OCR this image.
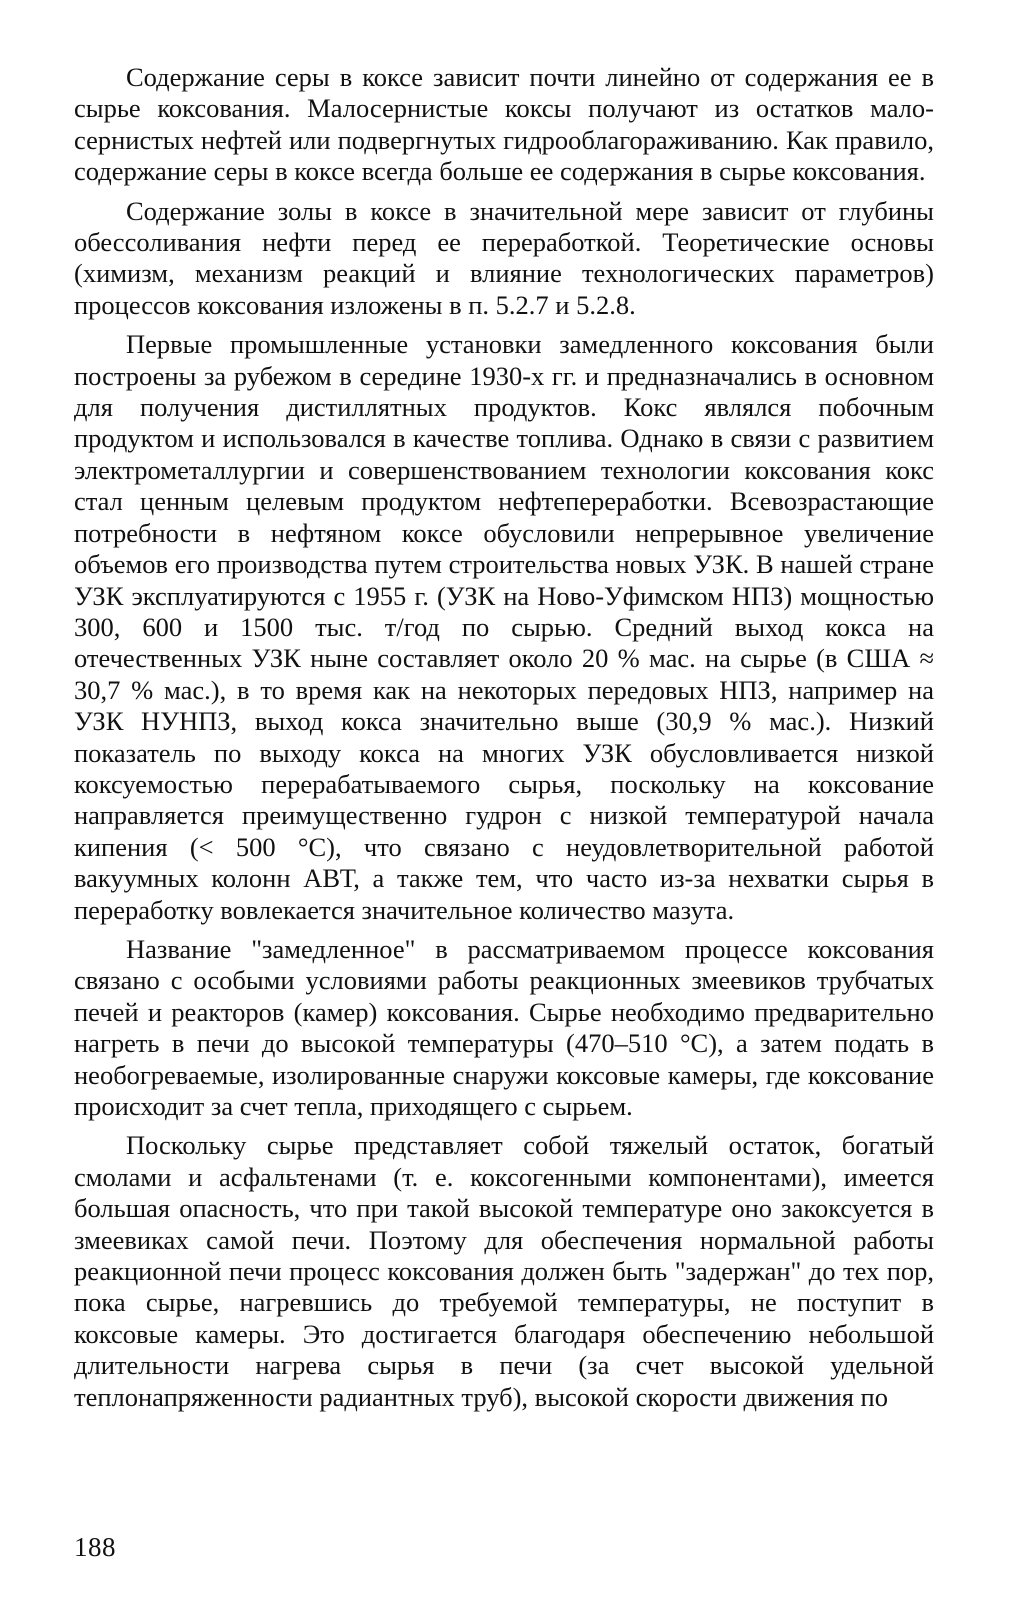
Содержание серы в коксе зависит почти линейно от содержания ее в сырье коксования. Малосернистые коксы получают из остатков малосернистых нефтей или подвергнутых гидрооблагораживанию. Как правило, содержание серы в коксе всегда больше ее содержания в сырье коксования.

Содержание золы в коксе в значительной мере зависит от глубины обессоливания нефти перед ее переработкой. Теоретические основы (химизм, механизм реакций и влияние технологических параметров) процессов коксования изложены в п. 5.2.7 и 5.2.8.

Первые промышленные установки замедленного коксования были построены за рубежом в середине 1930-х гг. и предназначались в основном для получения дистиллятных продуктов. Кокс являлся побочным продуктом и использовался в качестве топлива. Однако в связи с развитием электрометаллургии и совершенствованием технологии коксования кокс стал ценным целевым продуктом нефтепереработки. Всевозрастающие потребности в нефтяном коксе обусловили непрерывное увеличение объемов его производства путем строительства новых УЗК. В нашей стране УЗК эксплуатируются с 1955 г. (УЗК на Ново-Уфимском НПЗ) мощностью 300, 600 и 1500 тыс. т/год по сырью. Средний выход кокса на отечественных УЗК ныне составляет около 20 % мас. на сырье (в США ≈ 30,7 % мас.), в то время как на некоторых передовых НПЗ, например на УЗК НУНПЗ, выход кокса значительно выше (30,9 % мас.). Низкий показатель по выходу кокса на многих УЗК обусловливается низкой коксуемостью перерабатываемого сырья, поскольку на коксование направляется преимущественно гудрон с низкой температурой начала кипения (< 500 °C), что связано с неудовлетворительной работой вакуумных колонн АВТ, а также тем, что часто из-за нехватки сырья в переработку вовлекается значительное количество мазута.

Название "замедленное" в рассматриваемом процессе коксования связано с особыми условиями работы реакционных змеевиков трубчатых печей и реакторов (камер) коксования. Сырье необходимо предварительно нагреть в печи до высокой температуры (470–510 °C), а затем подать в необогреваемые, изолированные снаружи коксовые камеры, где коксование происходит за счет тепла, приходящего с сырьем.

Поскольку сырье представляет собой тяжелый остаток, богатый смолами и асфальтенами (т. е. коксогенными компонентами), имеется большая опасность, что при такой высокой температуре оно закоксуется в змеевиках самой печи. Поэтому для обеспечения нормальной работы реакционной печи процесс коксования должен быть "задержан" до тех пор, пока сырье, нагревшись до требуемой температуры, не поступит в коксовые камеры. Это достигается благодаря обеспечению небольшой длительности нагрева сырья в печи (за счет высокой удельной теплонапряженности радиантных труб), высокой скорости движения по

188
